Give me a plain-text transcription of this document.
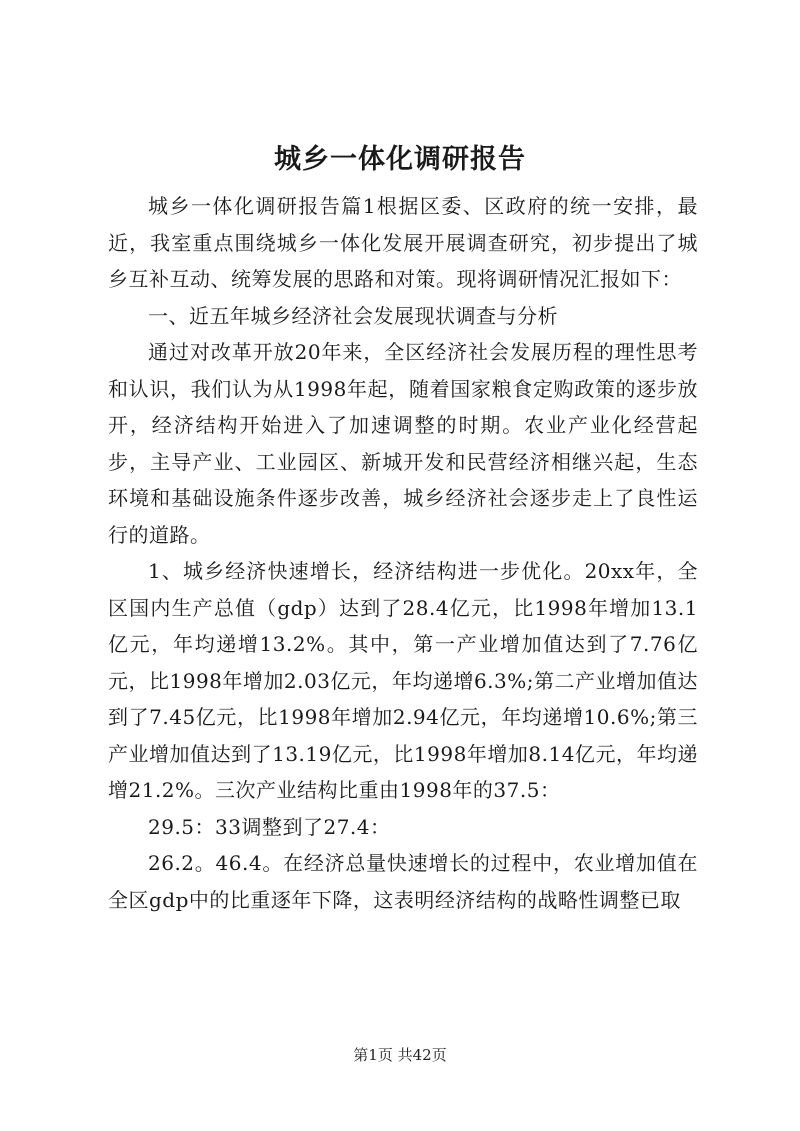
城乡一体化调研报告

城乡一体化调研报告篇1根据区委、区政府的统一安排，最近，我室重点围绕城乡一体化发展开展调查研究，初步提出了城乡互补互动、统筹发展的思路和对策。现将调研情况汇报如下：

一、近五年城乡经济社会发展现状调查与分析

通过对改革开放20年来，全区经济社会发展历程的理性思考和认识，我们认为从1998年起，随着国家粮食定购政策的逐步放开，经济结构开始进入了加速调整的时期。农业产业化经营起步，主导产业、工业园区、新城开发和民营经济相继兴起，生态环境和基础设施条件逐步改善，城乡经济社会逐步走上了良性运行的道路。

1、城乡经济快速增长，经济结构进一步优化。20xx年，全区国内生产总值（gdp）达到了28.4亿元，比1998年增加13.1亿元，年均递增13.2%。其中，第一产业增加值达到了7.76亿元，比1998年增加2.03亿元，年均递增6.3%;第二产业增加值达到了7.45亿元，比1998年增加2.94亿元，年均递增10.6%;第三产业增加值达到了13.19亿元，比1998年增加8.14亿元，年均递增21.2%。三次产业结构比重由1998年的37.5：

29.5：33调整到了27.4：

26.2。46.4。在经济总量快速增长的过程中，农业增加值在全区gdp中的比重逐年下降，这表明经济结构的战略性调整已取

第1页 共42页
